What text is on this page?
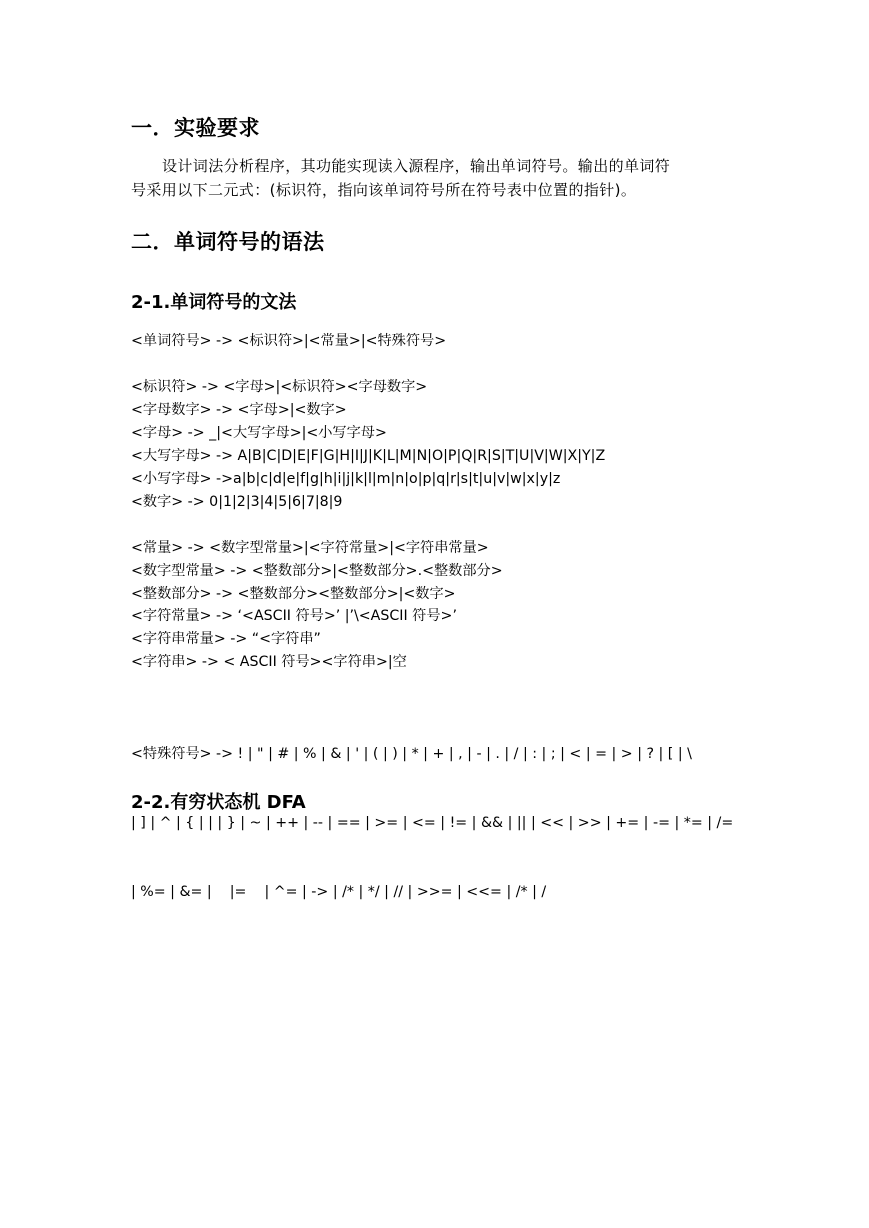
一．实验要求
设计词法分析程序，其功能实现读入源程序，输出单词符号。输出的单词符
号采用以下二元式：(标识符，指向该单词符号所在符号表中位置的指针)。
二．单词符号的语法
2-1.单词符号的文法
<单词符号> -> <标识符>|<常量>|<特殊符号>
<标识符> -> <字母>|<标识符><字母数字>
<字母数字> -> <字母>|<数字>
<字母> -> _|<大写字母>|<小写字母>
<大写字母> -> A|B|C|D|E|F|G|H|I|J|K|L|M|N|O|P|Q|R|S|T|U|V|W|X|Y|Z
<小写字母> ->a|b|c|d|e|f|g|h|i|j|k|l|m|n|o|p|q|r|s|t|u|v|w|x|y|z
<数字> -> 0|1|2|3|4|5|6|7|8|9
<常量> -> <数字型常量>|<字符常量>|<字符串常量>
<数字型常量> -> <整数部分>|<整数部分>.<整数部分>
<整数部分> -> <整数部分><整数部分>|<数字>
<字符常量> -> ‘<ASCII 符号>’ |’\<ASCII 符号>’
<字符串常量> -> “<字符串”
<字符串> -> < ASCII 符号><字符串>|空

<特殊符号> -> ! | " | # | % | & | ' | ( | ) | * | + | , | - | . | / | : | ; | < | = | > | ? | [ | \

| ] | ^ | { | | | } | ~ | ++ | -- | == | >= | <= | != | && | || | << | >> | += | -= | *= | /=

| %= | &= |    |=    | ^= | -> | /* | */ | // | >>= | <<= | /* | /

2-2.有穷状态机 DFA
